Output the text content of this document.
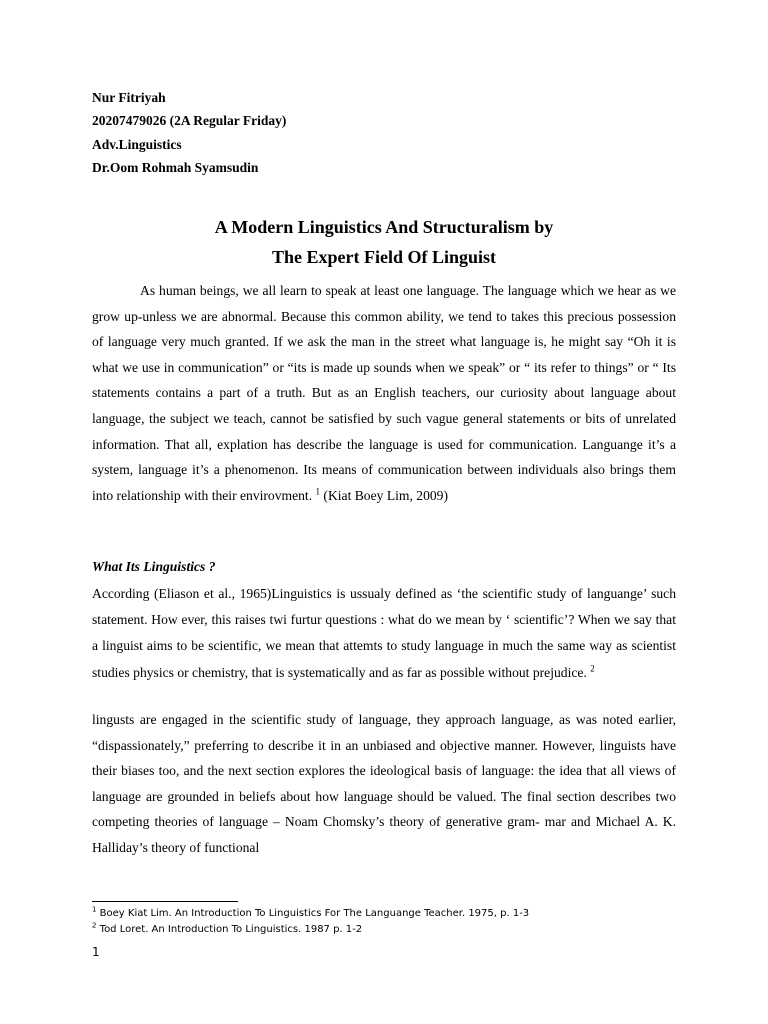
Nur Fitriyah
20207479026 (2A Regular Friday)
Adv.Linguistics
Dr.Oom Rohmah Syamsudin
A Modern Linguistics And Structuralism by
The Expert Field Of Linguist

As human beings, we all learn to speak at least one language. The language which we hear as we grow up-unless we are abnormal. Because this common ability, we tend to takes this precious possession of language very much granted. If we ask the man in the street what language is, he might say “Oh it is what we use in communication” or “its is made up sounds when we speak” or “ its refer to things” or “ Its statements contains a part of a truth. But as an English teachers, our curiosity about language about language, the subject we teach, cannot be satisfied by such vague general statements or bits of unrelated information. That all, explation has describe the language is used for communication. Languange it’s a system, language it’s a phenomenon. Its means of communication between individuals also brings them into relationship with their envirovment. $^1$ (Kiat Boey Lim, 2009)

What Its Linguistics ?

According (Eliason et al., 1965)Linguistics is ussualy defined as ‘the scientific study of languange’ such statement. How ever, this raises twi furtur questions : what do we mean by ‘ scientific’? When we say that a linguist aims to be scientific, we mean that attemts to study language in much the same way as scientist studies physics or chemistry, that is systematically and as far as possible without prejudice. $^2$

lingusts are engaged in the scientific study of language, they approach language, as was noted earlier, “dispassionately,” preferring to describe it in an unbiased and objective manner. However, linguists have their biases too, and the next section explores the ideological basis of language: the idea that all views of language are grounded in beliefs about how language should be valued. The final section describes two competing theories of language – Noam Chomsky’s theory of generative gram- mar and Michael A. K. Halliday’s theory of functional

$^1$ Boey Kiat Lim. An Introduction To Linguistics For The Languange Teacher. 1975, p. 1-3
$^2$ Tod Loret. An Introduction To Linguistics. 1987 p. 1-2
1
